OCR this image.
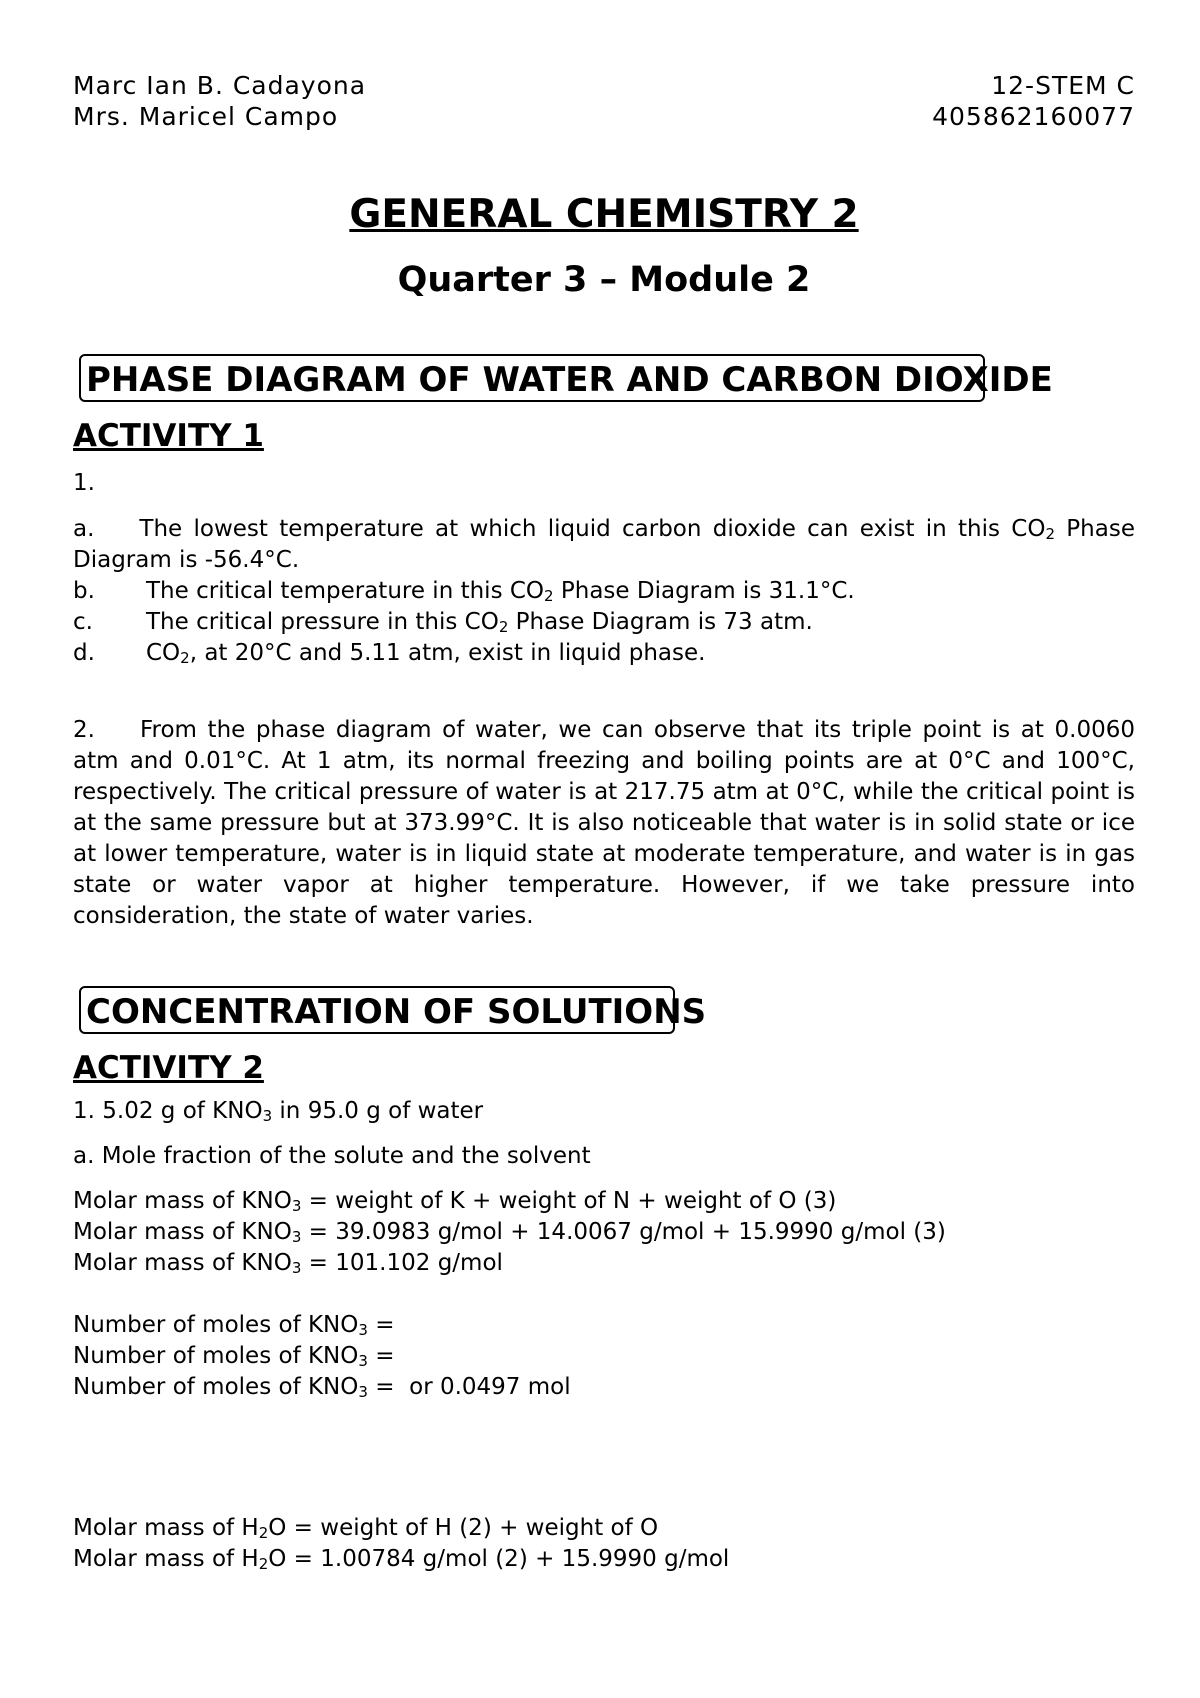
Marc Ian B. Cadayona	12-STEM C
Mrs. Maricel Campo	405862160077
GENERAL CHEMISTRY 2
Quarter 3 – Module 2
PHASE DIAGRAM OF WATER AND CARBON DIOXIDE
ACTIVITY 1
1.
a. The lowest temperature at which liquid carbon dioxide can exist in this $CO_2$ Phase Diagram is -56.4°C.
b.	The critical temperature in this $CO_2$ Phase Diagram is 31.1°C.
c.	The critical pressure in this $CO_2$ Phase Diagram is 73 atm.
d.	$CO_2$, at 20°C and 5.11 atm, exist in liquid phase.
2. From the phase diagram of water, we can observe that its triple point is at 0.0060 atm and 0.01°C. At 1 atm, its normal freezing and boiling points are at 0°C and 100°C, respectively. The critical pressure of water is at 217.75 atm at 0°C, while the critical point is at the same pressure but at 373.99°C. It is also noticeable that water is in solid state or ice at lower temperature, water is in liquid state at moderate temperature, and water is in gas state or water vapor at higher temperature. However, if we take pressure into consideration, the state of water varies.
CONCENTRATION OF SOLUTIONS
ACTIVITY 2
1. 5.02 g of $KNO_3$ in 95.0 g of water
a. Mole fraction of the solute and the solvent
Molar mass of $KNO_3$ = weight of K + weight of N + weight of O (3)
Molar mass of $KNO_3 = 39.0983$ g/mol + 14.0067 g/mol + 15.9990 g/mol (3)
Molar mass of $KNO_3 = 101.102$ g/mol
Number of moles of $KNO_3$ =
Number of moles of $KNO_3$ =
Number of moles of $KNO_3$ =  or 0.0497 mol
Molar mass of $H_2O$ = weight of H (2) + weight of O
Molar mass of $H_2O = 1.00784$ g/mol (2) + 15.9990 g/mol
